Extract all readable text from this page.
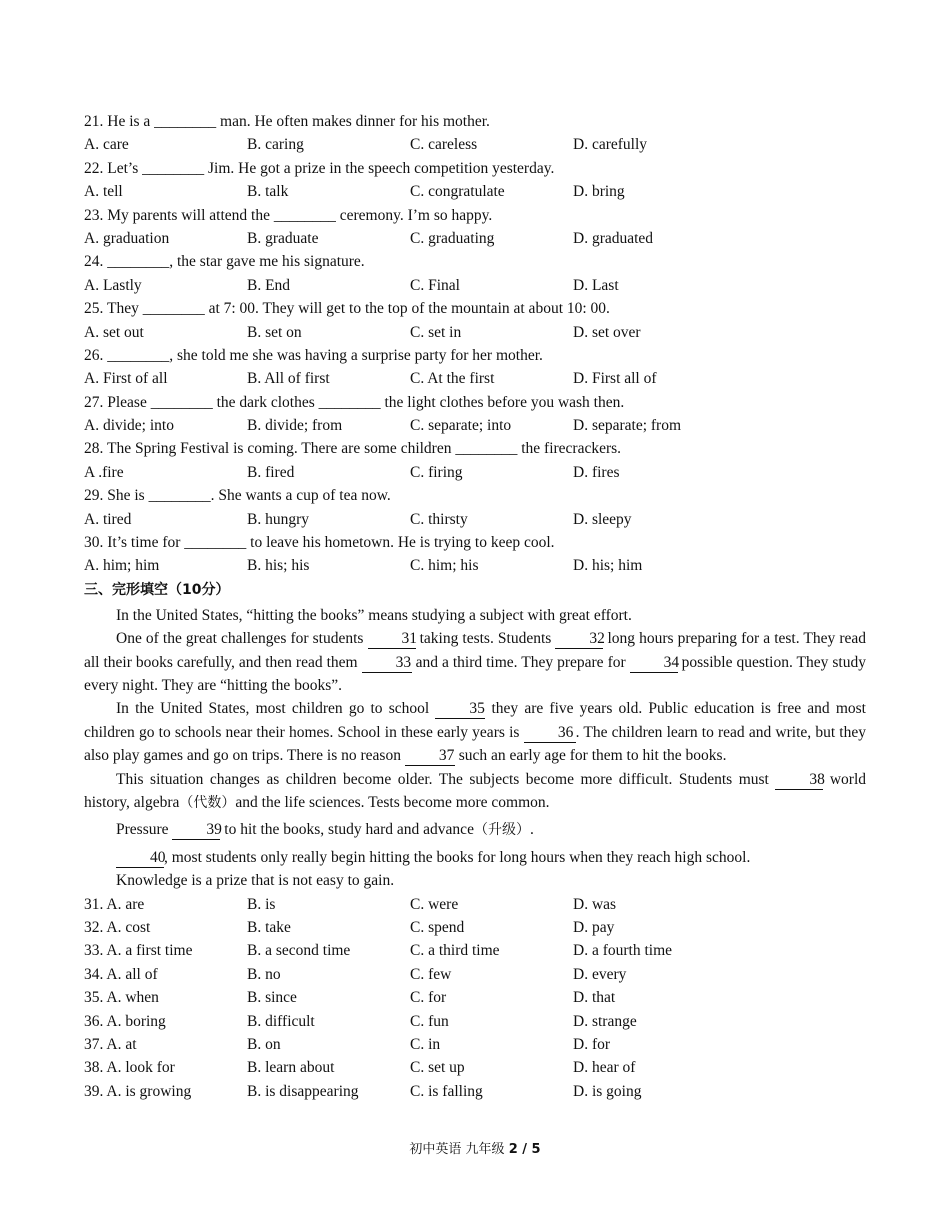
21. He is a ________ man. He often makes dinner for his mother.
A. care	B. caring	C. careless	D. carefully
22. Let’s ________ Jim. He got a prize in the speech competition yesterday.
A. tell	B. talk	C. congratulate	D. bring
23. My parents will attend the ________ ceremony. I’m so happy.
A. graduation	B. graduate	C. graduating	D. graduated
24. ________, the star gave me his signature.
A. Lastly	B. End	C. Final	D. Last
25. They ________ at 7: 00. They will get to the top of the mountain at about 10: 00.
A. set out	B. set on	C. set in	D. set over
26. ________, she told me she was having a surprise party for her mother.
A. First of all	B. All of first	C. At the first	D. First all of
27. Please ________ the dark clothes ________ the light clothes before you wash then.
A. divide; into	B. divide; from	C. separate; into	D. separate; from
28. The Spring Festival is coming. There are some children ________ the firecrackers.
A .fire	B. fired	C. firing	D. fires
29. She is ________. She wants a cup of tea now.
A. tired	B. hungry	C. thirsty	D. sleepy
30. It’s time for ________ to leave his hometown. He is trying to keep cool.
A. him; him	B. his; his	C. him; his	D. his; him
三、完形填空（10分）

In the United States, “hitting the books” means studying a subject with great effort.

One of the great challenges for students 31 taking tests. Students 32 long hours preparing for a test. They read all their books carefully, and then read them 33 and a third time. They prepare for 34 possible question. They study every night. They are “hitting the books”.

In the United States, most children go to school 35 they are five years old. Public education is free and most children go to schools near their homes. School in these early years is 36 . The children learn to read and write, but they also play games and go on trips. There is no reason 37 such an early age for them to hit the books.

This situation changes as children become older. The subjects become more difficult. Students must 38 world history, algebra（代数）and the life sciences. Tests become more common.

Pressure 39 to hit the books, study hard and advance（升级）.

40, most students only really begin hitting the books for long hours when they reach high school.

Knowledge is a prize that is not easy to gain.

31. A. are	B. is	C. were	D. was
32. A. cost	B. take	C. spend	D. pay
33. A. a first time	B. a second time	C. a third time	D. a fourth time
34. A. all of	B. no	C. few	D. every
35. A. when	B. since	C. for	D. that
36. A. boring	B. difficult	C. fun	D. strange
37. A. at	B. on	C. in	D. for
38. A. look for	B. learn about	C. set up	D. hear of
39. A. is growing	B. is disappearing	C. is falling	D. is going
初中英语 九年级 2 / 5
